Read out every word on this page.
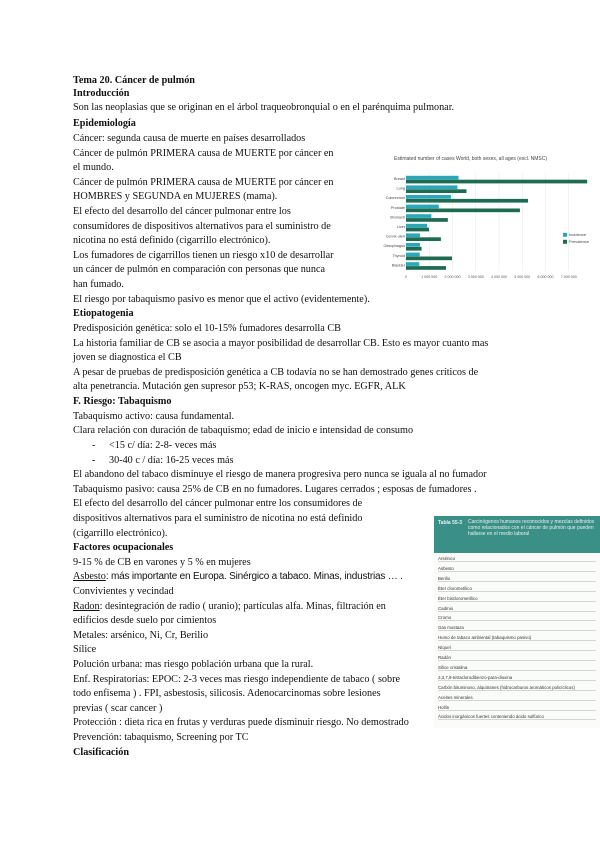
Tema 20. Cáncer de pulmón
Introducción
Son las neoplasias que se originan en el árbol traqueobronquial o en el parénquima pulmonar.
Epidemiología
Cáncer: segunda causa de muerte en países desarrollados
Cáncer de pulmón PRIMERA causa de MUERTE por cáncer en
el mundo.
Cáncer de pulmón PRIMERA causa de MUERTE por cáncer en
HOMBRES y SEGUNDA en MUJERES (mama).
El efecto del desarrollo del cáncer pulmonar entre los
consumidores de dispositivos alternativos para el suministro de
nicotina no está definido (cigarrillo electrónico).
Los fumadores de cigarrillos tienen un riesgo x10 de desarrollar
un cáncer de pulmón en comparación con personas que nunca
han fumado.
El riesgo por tabaquismo pasivo es menor que el activo (evidentemente).
Estimated number of cases World, both sexes, all ages (excl. NMSC)
Breast
Lung
Colorectum
Prostate
Stomach
Liver
Cervix uteri
Oesophagus
Thyroid
Bladder
0	1 000 000 2 000 000 3 000 000 4 000 000 5 000 000 6 000 000 7 000 000
Incidence
Prevalence
Etiopatogenia
Predisposición genética: solo el 10-15% fumadores desarrolla CB
La historia familiar de CB se asocia a mayor posibilidad de desarrollar CB. Esto es mayor cuanto mas
joven se diagnostica el CB
A pesar de pruebas de predisposición genética a CB todavía no se han demostrado genes críticos de
alta penetrancia. Mutación gen supresor p53; K-RAS, oncogen myc. EGFR, ALK
F. Riesgo: Tabaquismo
Tabaquismo activo: causa fundamental.
Clara relación con duración de tabaquismo; edad de inicio e intensidad de consumo
- <15 c/ día: 2-8- veces más
- 30-40 c / día: 16-25 veces más
El abandono del tabaco disminuye el riesgo de manera progresiva pero nunca se iguala al no fumador
Tabaquismo pasivo: causa 25% de CB en no fumadores. Lugares cerrados ; esposas de fumadores .
El efecto del desarrollo del cáncer pulmonar entre los consumidores de
dispositivos alternativos para el suministro de nicotina no está definido
(cigarrillo electrónico).
Factores ocupacionales
9-15 % de CB en varones y 5 % en mujeres
Asbesto: más importante en Europa. Sinérgico a tabaco. Minas, industrias … .
Convivientes y vecindad
Radon: desintegración de radio ( uranio); partículas alfa. Minas, filtración en
edificios desde suelo por cimientos
Metales: arsénico, Ni, Cr, Berilio
Sílice
Polución urbana: mas riesgo población urbana que la rural.
Enf. Respiratorias: EPOC: 2-3 veces mas riesgo independiente de tabaco ( sobre
todo enfisema ) . FPI, asbestosis, silicosis. Adenocarcinomas sobre lesiones
previas ( scar cancer )
Protección : dieta rica en frutas y verduras puede disminuir riesgo. No demostrado
Prevención: tabaquismo, Screening por TC
Clasificación
Tabla 55-3 Carcinógenos humanos reconocidos y mezclas definidos como relacionados con el cáncer de pulmón que pueden hallarse en el medio laboral
Arsénico
Asbesto
Berilio
Éter clorometílico
Éter bisclorometílico
Cadmio
Cromo
Gas mostaza
Humo de tabaco ambiental (tabaquismo pasivo)
Níquel
Radón
Sílice cristalina
2,3,7,8-tetraclorodibenzo-para-dioxina
Carbón bituminoso, alquitranes (hidrocarburos aromáticos policíclicos)
Aceites minerales
Hollín
Ácidos inorgánicos fuertes conteniendo ácido sulfúrico
